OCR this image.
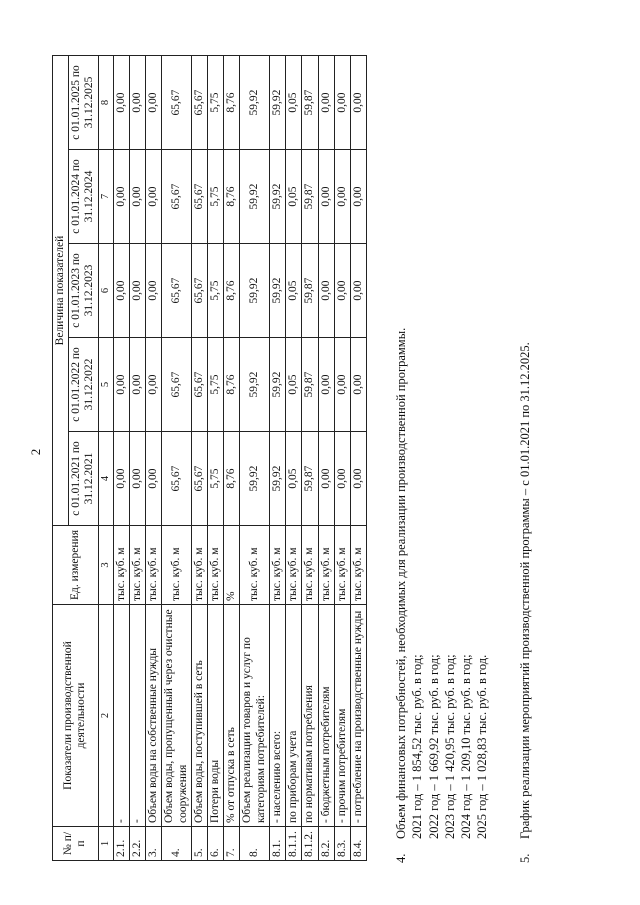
2
№ п/п	Показатели производственной деятельности	Ед. измерения	Величина показателей				
			с 01.01.2021 по 31.12.2021	с 01.01.2022 по 31.12.2022	с 01.01.2023 по 31.12.2023	с 01.01.2024 по 31.12.2024	с 01.01.2025 по 31.12.2025
1	2	3	4	5	6	7	8
2.1.	-	тыс. куб. м	0,00	0,00	0,00	0,00	0,00
2.2.	-	тыс. куб. м	0,00	0,00	0,00	0,00	0,00
3.	Объем воды на собственные нужды	тыс. куб. м	0,00	0,00	0,00	0,00	0,00
4.	Объем воды, пропущенный через очистные сооружения	тыс. куб. м	65,67	65,67	65,67	65,67	65,67
5.	Объем воды, поступившей в сеть	тыс. куб. м	65,67	65,67	65,67	65,67	65,67
6.	Потери воды	тыс. куб. м	5,75	5,75	5,75	5,75	5,75
7.	% от отпуска в сеть	%	8,76	8,76	8,76	8,76	8,76
8.	Объем реализации товаров и услуг по категориям потребителей:	тыс. куб. м	59,92	59,92	59,92	59,92	59,92
8.1.	- населению всего:	тыс. куб. м	59,92	59,92	59,92	59,92	59,92
8.1.1.	по приборам учета	тыс. куб. м	0,05	0,05	0,05	0,05	0,05
8.1.2.	по нормативам потребления	тыс. куб. м	59,87	59,87	59,87	59,87	59,87
8.2.	- бюджетным потребителям	тыс. куб. м	0,00	0,00	0,00	0,00	0,00
8.3.	- прочим потребителям	тыс. куб. м	0,00	0,00	0,00	0,00	0,00
8.4.	- потребление на производственные нужды	тыс. куб. м	0,00	0,00	0,00	0,00	0,00
4.
Объем финансовых потребностей, необходимых для реализации производственной программы. 2021 год – 1 854,52 тыс. руб. в год; 2022 год – 1 669,92 тыс. руб. в год; 2023 год – 1 420,95 тыс. руб. в год; 2024 год – 1 209,10 тыс. руб. в год; 2025 год – 1 028,83 тыс. руб. в год.
5.
График реализации мероприятий производственной программы – с 01.01.2021 по 31.12.2025.
